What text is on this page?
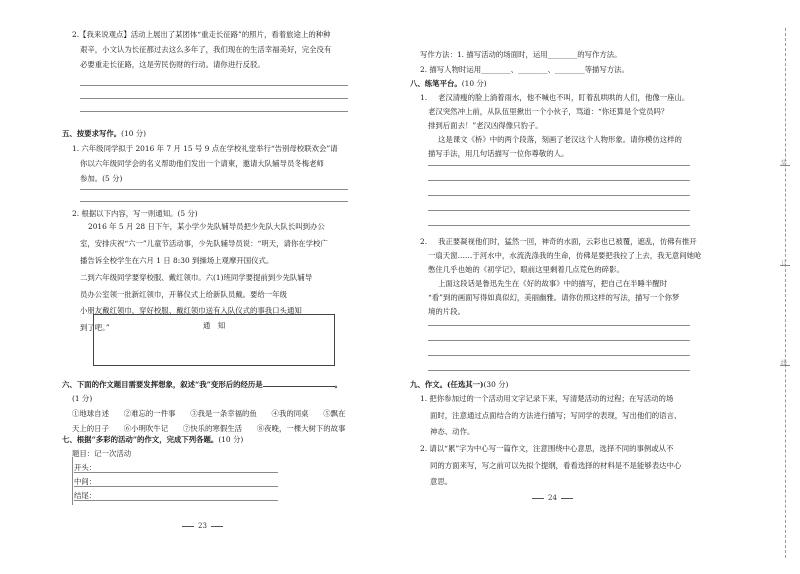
2.【我来说观点】活动上展出了某团体“重走长征路”的照片，看着旅途上的种种
艰辛，小文认为长征都过去这么多年了，我们现在的生活幸福美好，完全没有
必要重走长征路，这是劳民伤财的行动。请你进行反驳。
五、按要求写作。(10 分)
1. 六年级同学拟于 2016 年 7 月 15 号 9 点在学校礼堂举行“告别母校联欢会”请
你以六年级同学会的名义帮助他们发出一个请柬，邀请大队辅导员冬梅老师
参加。(5 分)
2. 根据以下内容，写一则通知。(5 分)
2016 年 5 月 28 日下午，某小学少先队辅导员把少先队大队长叫到办公
室，安排庆祝“六一”儿童节活动事，少先队辅导员说：“明天，请你在学校广
播告诉全校学生在六月 1 日 8:30 到操场上观摩开国仪式。
二到六年级同学要穿校服、戴红领巾。六(1)班同学要提前到少先队辅导
员办公室领一批新红领巾，开幕仪式上给新队员戴。要给一年级
小朋友戴红领巾，穿好校服、戴红领巾送有入队仪式的事我口头通知
到了吧。”	通　知
六、下面的作文题目需要发挥想象，叙述“我”变形后的经历是	。
(1 分)
①地球自述　　②难忘的一件事　　③我是一条幸福的鱼　　④我的同桌　　⑤飘在
天上的日子　　⑥小明吹牛记　　⑦快乐的寒假生活　　⑧夜晚，一棵大树下的故事
七、根据“多彩的活动”的作文，完成下列各题。(10 分)
题目：记一次活动
开头：
中间：
结尾：
23
写作方法：1. 描写活动的场面时，运用________的写作方法。
2. 描写人物时运用________、________、________等描写方法。
八、练笔平台。(10 分)
1. 老汉清瘦的脸上淌着雨水，他不喊也不叫，盯着乱哄哄的人们，他像一座山。
老汉突然冲上前，从队伍里揪出一个小伙子，骂道：“你还算是个党员吗？
排到后面去！”老汉凶得像只豹子。
这是课文《桥》中的两个段落，刻画了老汉这个人物形象。请你模仿这样的
描写手法，用几句话描写一位你尊敬的人。
2. 我正要凝视他们时，猛然一回，神奇的水面，云彩也已被覆，遮乱，仿佛有推开
一扇天窗……于河水中，水流洗涤我的生命，仿佛是要把我拉了上去，我无意间她呛
憋住几乎也她的《初学记》，眼前这里剩着几点荒色的碎影。
上面这段话是鲁迅先生在《好的故事》中的描写，把自己在半睡半醒时
“看”到的画面写得如真似幻，美丽幽雅。请你仿照这样的写法，描写一个你梦
境的片段。
九、作文。(任选其一)(30 分)
1. 把你参加过的一个活动用文字记录下来，写清楚活动的过程；在写活动的场
面时，注意通过点面结合的方法进行描写；写同学的表现，写出他们的语言、
神态、动作。
2. 请以“累”字为中心写一篇作文，注意围绕中心意思，选择不同的事例或从不
同的方面来写，写之前可以先拟个提纲，看看选择的材料是不是能够表达中心
意思。
24
装
订
线
